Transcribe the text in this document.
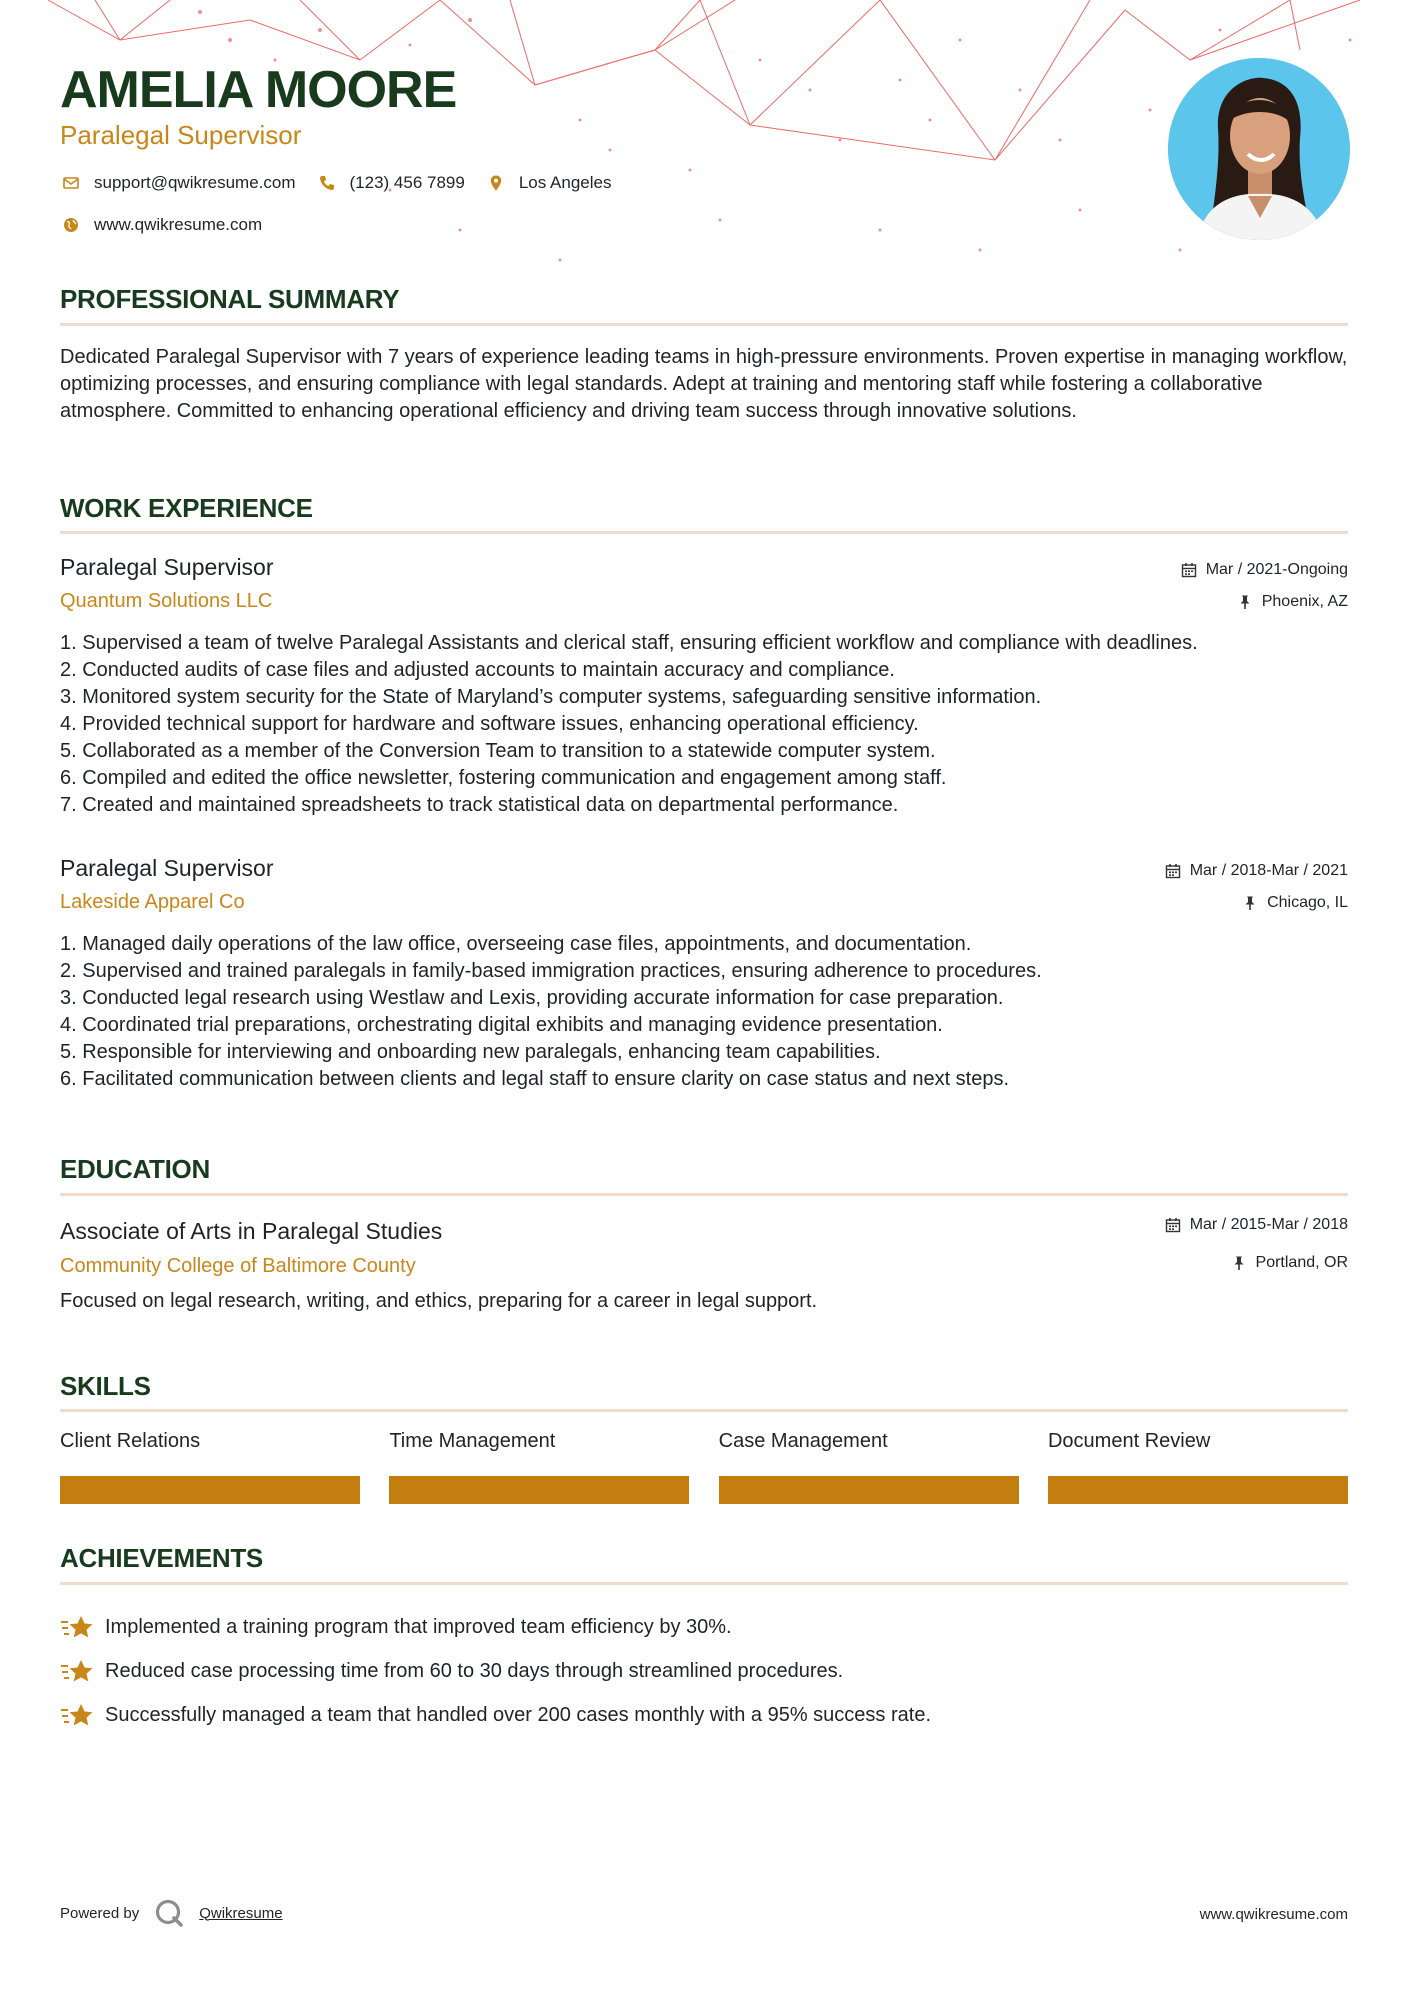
AMELIA MOORE
Paralegal Supervisor
support@qwikresume.com	(123) 456 7899	Los Angeles
www.qwikresume.com
PROFESSIONAL SUMMARY
Dedicated Paralegal Supervisor with 7 years of experience leading teams in high-pressure environments. Proven expertise in managing workflow, optimizing processes, and ensuring compliance with legal standards. Adept at training and mentoring staff while fostering a collaborative atmosphere. Committed to enhancing operational efficiency and driving team success through innovative solutions.
WORK EXPERIENCE
Paralegal Supervisor
Quantum Solutions LLC
Mar / 2021-Ongoing
Phoenix, AZ
1. Supervised a team of twelve Paralegal Assistants and clerical staff, ensuring efficient workflow and compliance with deadlines.
2. Conducted audits of case files and adjusted accounts to maintain accuracy and compliance.
3. Monitored system security for the State of Maryland’s computer systems, safeguarding sensitive information.
4. Provided technical support for hardware and software issues, enhancing operational efficiency.
5. Collaborated as a member of the Conversion Team to transition to a statewide computer system.
6. Compiled and edited the office newsletter, fostering communication and engagement among staff.
7. Created and maintained spreadsheets to track statistical data on departmental performance.
Paralegal Supervisor
Lakeside Apparel Co
Mar / 2018-Mar / 2021
Chicago, IL
1. Managed daily operations of the law office, overseeing case files, appointments, and documentation.
2. Supervised and trained paralegals in family-based immigration practices, ensuring adherence to procedures.
3. Conducted legal research using Westlaw and Lexis, providing accurate information for case preparation.
4. Coordinated trial preparations, orchestrating digital exhibits and managing evidence presentation.
5. Responsible for interviewing and onboarding new paralegals, enhancing team capabilities.
6. Facilitated communication between clients and legal staff to ensure clarity on case status and next steps.
EDUCATION
Associate of Arts in Paralegal Studies
Community College of Baltimore County
Mar / 2015-Mar / 2018
Portland, OR
Focused on legal research, writing, and ethics, preparing for a career in legal support.
SKILLS
Client Relations	Time Management	Case Management	Document Review
ACHIEVEMENTS
Implemented a training program that improved team efficiency by 30%.
Reduced case processing time from 60 to 30 days through streamlined procedures.
Successfully managed a team that handled over 200 cases monthly with a 95% success rate.
Powered by	Qwikresume	www.qwikresume.com
